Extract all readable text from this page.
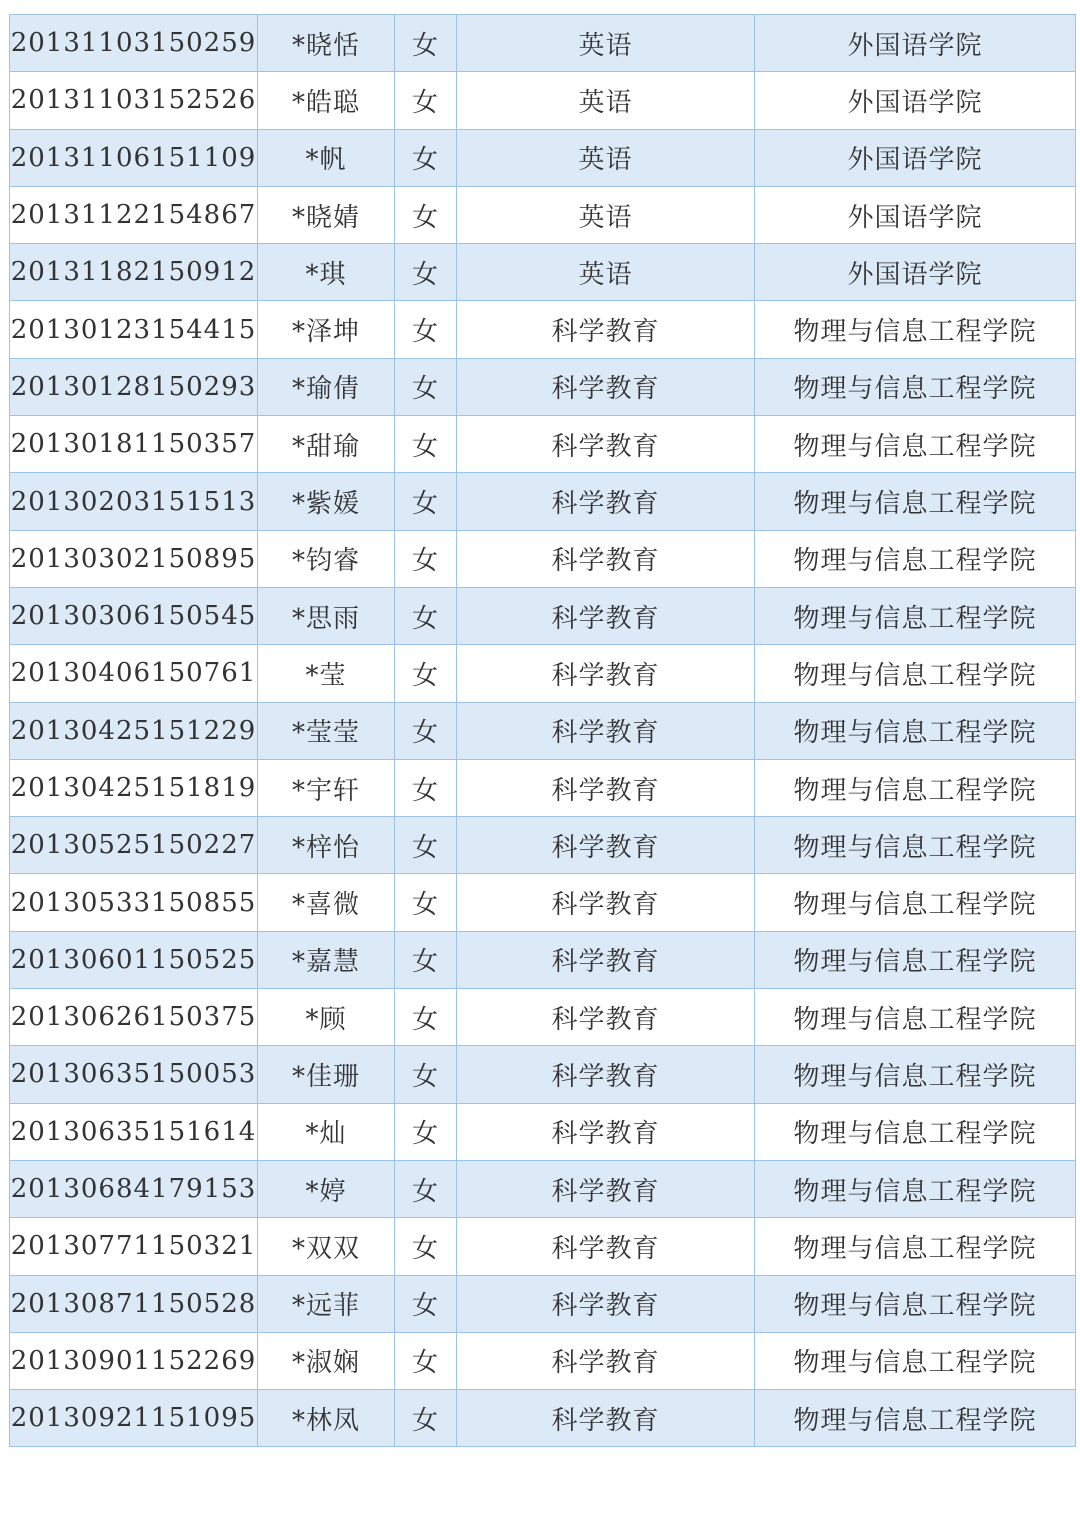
20131103150259	*晓恬	女	英语	外国语学院
20131103152526	*皓聪	女	英语	外国语学院
20131106151109	*帆	女	英语	外国语学院
20131122154867	*晓婧	女	英语	外国语学院
20131182150912	*琪	女	英语	外国语学院
20130123154415	*泽坤	女	科学教育	物理与信息工程学院
20130128150293	*瑜倩	女	科学教育	物理与信息工程学院
20130181150357	*甜瑜	女	科学教育	物理与信息工程学院
20130203151513	*紫媛	女	科学教育	物理与信息工程学院
20130302150895	*钧睿	女	科学教育	物理与信息工程学院
20130306150545	*思雨	女	科学教育	物理与信息工程学院
20130406150761	*莹	女	科学教育	物理与信息工程学院
20130425151229	*莹莹	女	科学教育	物理与信息工程学院
20130425151819	*宇轩	女	科学教育	物理与信息工程学院
20130525150227	*梓怡	女	科学教育	物理与信息工程学院
20130533150855	*喜微	女	科学教育	物理与信息工程学院
20130601150525	*嘉慧	女	科学教育	物理与信息工程学院
20130626150375	*顾	女	科学教育	物理与信息工程学院
20130635150053	*佳珊	女	科学教育	物理与信息工程学院
20130635151614	*灿	女	科学教育	物理与信息工程学院
20130684179153	*婷	女	科学教育	物理与信息工程学院
20130771150321	*双双	女	科学教育	物理与信息工程学院
20130871150528	*远菲	女	科学教育	物理与信息工程学院
20130901152269	*淑娴	女	科学教育	物理与信息工程学院
20130921151095	*林凤	女	科学教育	物理与信息工程学院
